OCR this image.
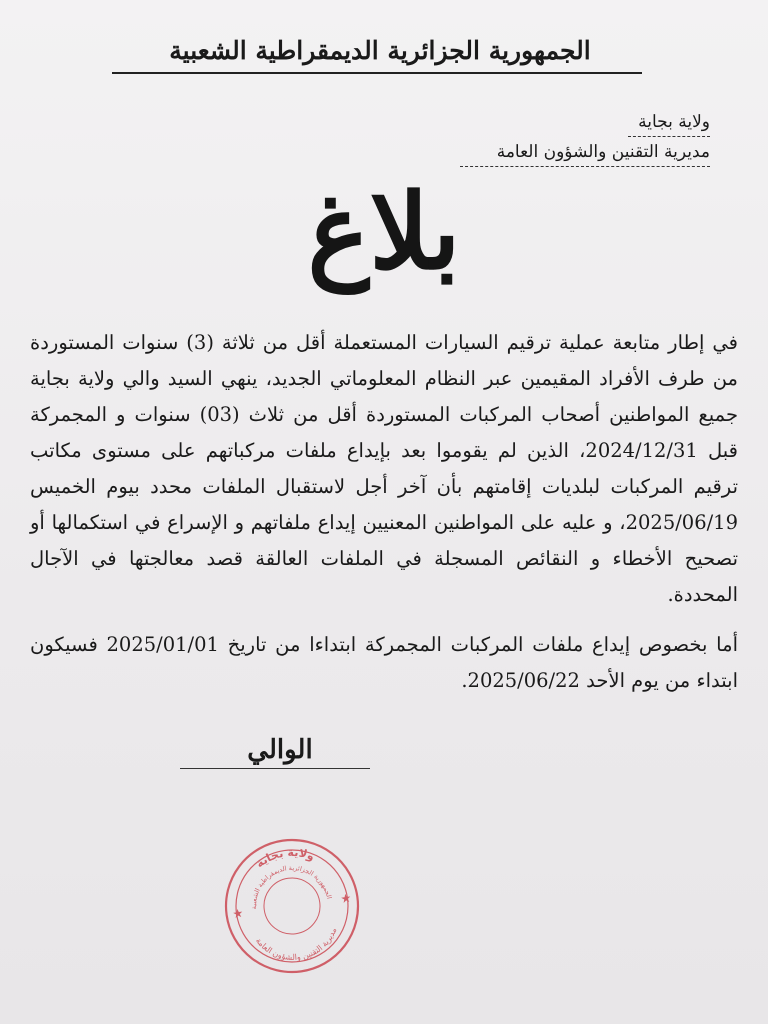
الجمهورية الجزائرية الديمقراطية الشعبية
ولاية بجاية
مديرية التقنين والشؤون العامة
بلاغ

في إطار متابعة عملية ترقيم السيارات المستعملة أقل من ثلاثة (3) سنوات المستوردة من طرف الأفراد المقيمين عبر النظام المعلوماتي الجديد، ينهي السيد والي ولاية بجاية جميع المواطنين أصحاب المركبات المستوردة أقل من ثلاث (03) سنوات و المجمركة قبل 2024/12/31، الذين لم يقوموا بعد بإيداع ملفات مركباتهم على مستوى مكاتب ترقيم المركبات لبلديات إقامتهم بأن آخر أجل لاستقبال الملفات محدد بيوم الخميس 2025/06/19، و عليه على المواطنين المعنيين إيداع ملفاتهم و الإسراع في استكمالها أو تصحيح الأخطاء و النقائص المسجلة في الملفات العالقة قصد معالجتها في الآجال المحددة.

أما بخصوص إيداع ملفات المركبات المجمركة ابتداءا من تاريخ 2025/01/01 فسيكون ابتداء من يوم الأحد 2025/06/22.

الوالي
ولاية بجاية
الجمهورية الجزائرية الديمقراطية الشعبية
مديرية التقنين والشؤون العامة
★
★
